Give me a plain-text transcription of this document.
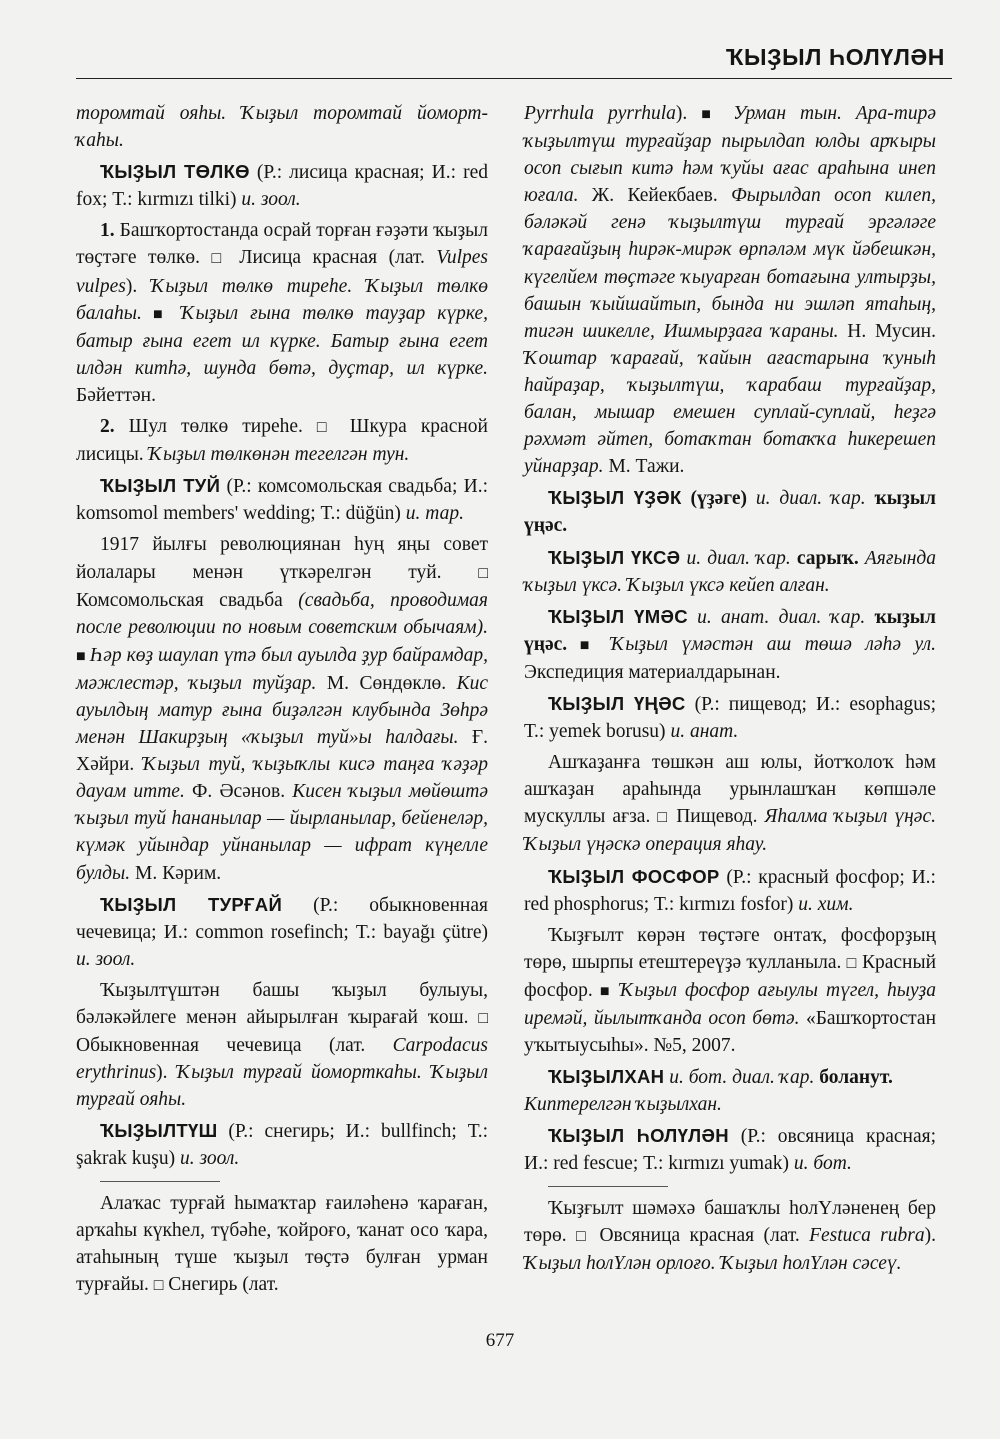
ҠЫҘЫЛ ҺОЛҮЛӘН

торомтай ояһы. Ҡыҙыл торомтай йоморт-ҡаһы.

ҠЫҘЫЛ ТӨЛКӨ (Р.: лисица красная; И.: red fox; Т.: kırmızı tilki) и. зоол.

1. Башҡортостанда осрай торған ғәҙәти ҡыҙыл төҫтәге төлкө. □ Лисица красная (лат. Vulpes vulpes). Ҡыҙыл төлкө тиреһе. Ҡыҙыл төлкө балаһы. ■ Ҡыҙыл ғына төлкө тауҙар күрке, батыр ғына егет ил күрке. Батыр ғына егет илдән китһә, шунда бөтә, дуҫтар, ил күрке. Бәйеттән.

2. Шул төлкө тиреһе. □ Шкура красной лисицы. Ҡыҙыл төлкөнән тегелгән тун.

ҠЫҘЫЛ ТУЙ (Р.: комсомольская свадьба; И.: komsomol members' wedding; Т.: düğün) и. тар.

1917 йылғы революциянан һуң яңы совет йолалары менән үткәрелгән туй. □ Комсомольская свадьба (свадьба, проводимая после революции по новым советским обычаям). ■ Һәр көҙ шаулап үтә был ауылда ҙур байрамдар, мәжлестәр, ҡыҙыл туйҙар. М. Сөндөклө. Кис ауылдың матур ғына биҙәлгән клубында Зөһрә менән Шакирҙың «ҡыҙыл туй»ы һалдағы. Ғ. Хәйри. Ҡыҙыл туй, ҡыҙыҡлы кисә таңға ҡәҙәр дауам итте. Ф. Әсәнов. Кисен ҡыҙыл мөйөштә ҡыҙыл туй һананылар — йырланылар, бейенеләр, күмәк уйындар уйнанылар — ифрат күңелле булды. М. Кәрим.

ҠЫҘЫЛ ТУРҒАЙ (Р.: обыкновенная чечевица; И.: common rosefinch; Т.: bayağı çütre) и. зоол.

Ҡыҙылтүштән башы ҡыҙыл булыуы, бәләкәйлеге менән айырылған ҡырағай ҡош. □ Обыкновенная чечевица (лат. Carpodacus erythrinus). Ҡыҙыл турғай йоморткаһы. Ҡыҙыл турғай ояһы.

ҠЫҘЫЛТҮШ (Р.: снегирь; И.: bullfinch; Т.: şakrak kuşu) и. зоол.

Алаҡас турғай һымаҡтар ғаиләһенә ҡараған, арҡаһы күкһел, түбәһе, ҡойроғо, ҡанат осо ҡара, атаһының түше ҡыҙыл төҫтә булған урман турғайы. □ Снегирь (лат.

Pyrrhula pyrrhula). ■ Урман тын. Ара-тирә ҡыҙылтүш турғайҙар пырылдап юлды арҡыры осоп сығып китә һәм ҡуйы ағас араһына инеп юғала. Ж. Кейекбаев. Фырылдап осоп килеп, бәләкәй генә ҡыҙылтүш турғай эргәләге ҡарағайҙың һирәк-мирәк өрпәләм мүк йәбешкән, күгелйем төҫтәге ҡыуарған ботағына ултырҙы, башын ҡыйшайтып, бында ни эшләп ятаһың, тигән шикелле, Ишмырҙаға ҡараны. Н. Мусин. Ҡоштар ҡарағай, ҡайын ағастарына ҡуныһ һайраҙар, ҡыҙылтүш, ҡарабаш турғайҙар, балан, мышар емешен суплай-суплай, һеҙгә рәхмәт әйтеп, ботаҡтан ботаҡҡа һикерешеп уйнарҙар. М. Тажи.

ҠЫҘЫЛ ҮҘӘК (үҙәге) и. диал. ҡар. ҡыҙыл үңәс.

ҠЫҘЫЛ ҮКСӘ и. диал. ҡар. сарыҡ. Аяғында ҡыҙыл үксә. Ҡыҙыл үксә кейеп алған.

ҠЫҘЫЛ ҮМӘС и. анат. диал. ҡар. ҡыҙыл үңәс. ■ Ҡыҙыл үмәстән аш төшә ләһә ул. Экспедиция материалдарынан.

ҠЫҘЫЛ ҮҢӘС (Р.: пищевод; И.: esophagus; Т.: yemek borusu) и. анат.

Ашҡаҙанға төшкән аш юлы, йотҡолоҡ һәм ашҡаҙан араһында урынлашҡан көпшәле мускуллы ағза. □ Пищевод. Яһалма ҡыҙыл үңәс. Ҡыҙыл үңәскә операция яһау.

ҠЫҘЫЛ ФОСФОР (Р.: красный фосфор; И.: red phosphorus; Т.: kırmızı fosfor) и. хим.

Ҡыҙғылт көрән төҫтәге онтаҡ, фосфорҙың төрө, шырпы етештереүҙә ҡулланыла. □ Красный фосфор. ■ Ҡыҙыл фосфор ағыулы түгел, һыуҙа иремәй, йылытҡанда осоп бөтә. «Башҡортостан уҡытыусыһы». №5, 2007.

ҠЫҘЫЛХАН и. бот. диал. ҡар. боланут.
Киптерелгән ҡыҙылхан.

ҠЫҘЫЛ ҺОЛҮЛӘН (Р.: овсяница красная; И.: red fescue; Т.: kırmızı yumak) и. бот.

Ҡыҙғылт шәмәхә башаҡлы һолҮләненең бер төрө. □ Овсяница красная (лат. Festuca rubra). Ҡыҙыл һолҮлән орлоғо. Ҡыҙыл һолҮлән сәсеү.

677
